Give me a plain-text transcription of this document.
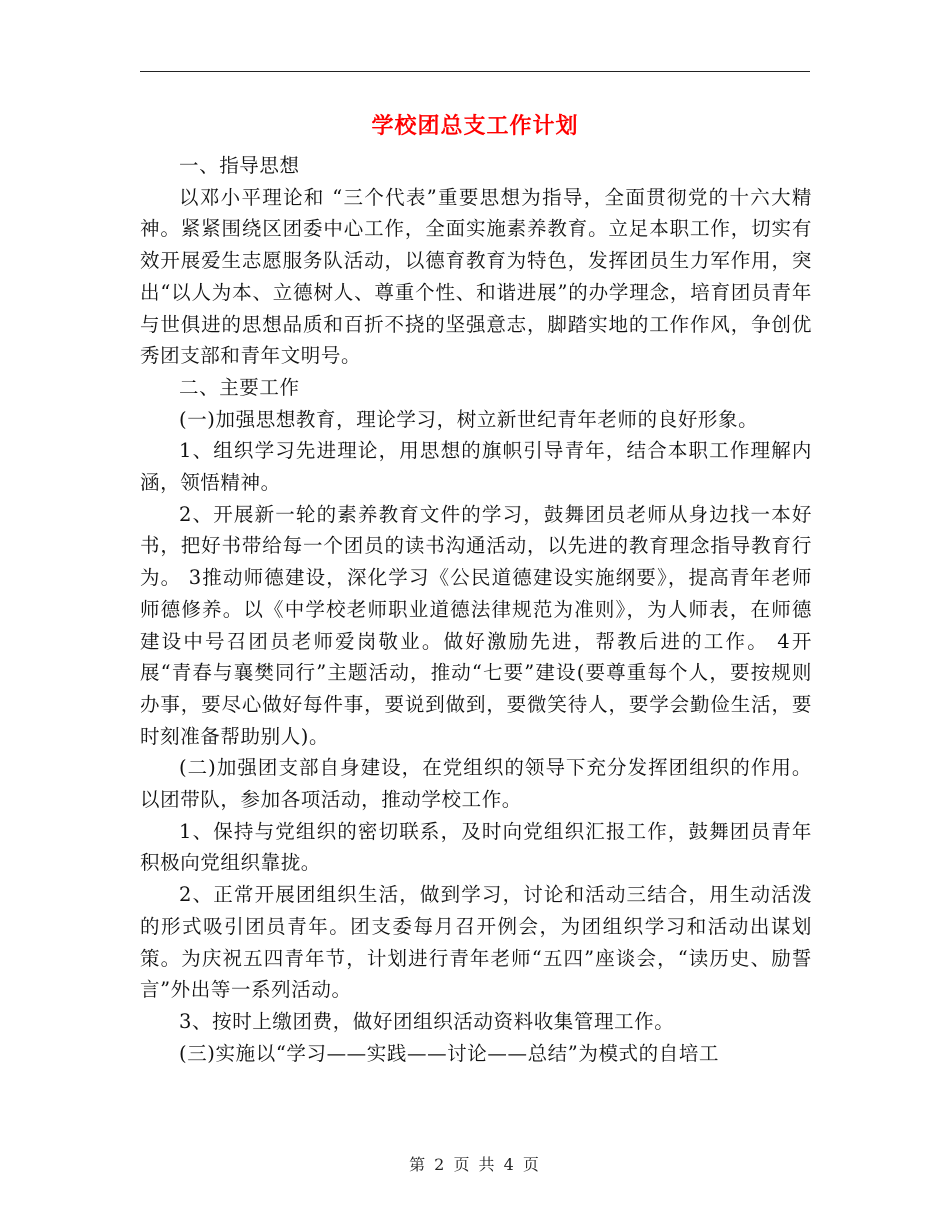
学校团总支工作计划

一、指导思想

以邓小平理论和 “三个代表”重要思想为指导，全面贯彻党的十六大精神。紧紧围绕区团委中心工作，全面实施素养教育。立足本职工作，切实有效开展爱生志愿服务队活动，以德育教育为特色，发挥团员生力军作用，突出“以人为本、立德树人、尊重个性、和谐进展”的办学理念，培育团员青年与世俱进的思想品质和百折不挠的坚强意志，脚踏实地的工作作风，争创优秀团支部和青年文明号。

二、主要工作

(一)加强思想教育，理论学习，树立新世纪青年老师的良好形象。

1、组织学习先进理论，用思想的旗帜引导青年，结合本职工作理解内涵，领悟精神。

2、开展新一轮的素养教育文件的学习，鼓舞团员老师从身边找一本好书，把好书带给每一个团员的读书沟通活动，以先进的教育理念指导教育行为。 3推动师德建设，深化学习《公民道德建设实施纲要》，提高青年老师师德修养。以《中学校老师职业道德法律规范为准则》，为人师表，在师德建设中号召团员老师爱岗敬业。做好激励先进，帮教后进的工作。 4开展“青春与襄樊同行”主题活动，推动“七要”建设(要尊重每个人，要按规则办事，要尽心做好每件事，要说到做到，要微笑待人，要学会勤俭生活，要时刻准备帮助别人)。

(二)加强团支部自身建设，在党组织的领导下充分发挥团组织的作用。以团带队，参加各项活动，推动学校工作。

1、保持与党组织的密切联系，及时向党组织汇报工作，鼓舞团员青年积极向党组织靠拢。

2、正常开展团组织生活，做到学习，讨论和活动三结合，用生动活泼的形式吸引团员青年。团支委每月召开例会，为团组织学习和活动出谋划策。为庆祝五四青年节，计划进行青年老师“五四”座谈会，“读历史、励誓言”外出等一系列活动。

3、按时上缴团费，做好团组织活动资料收集管理工作。

(三)实施以“学习——实践——讨论——总结”为模式的自培工

第 2 页 共 4 页
